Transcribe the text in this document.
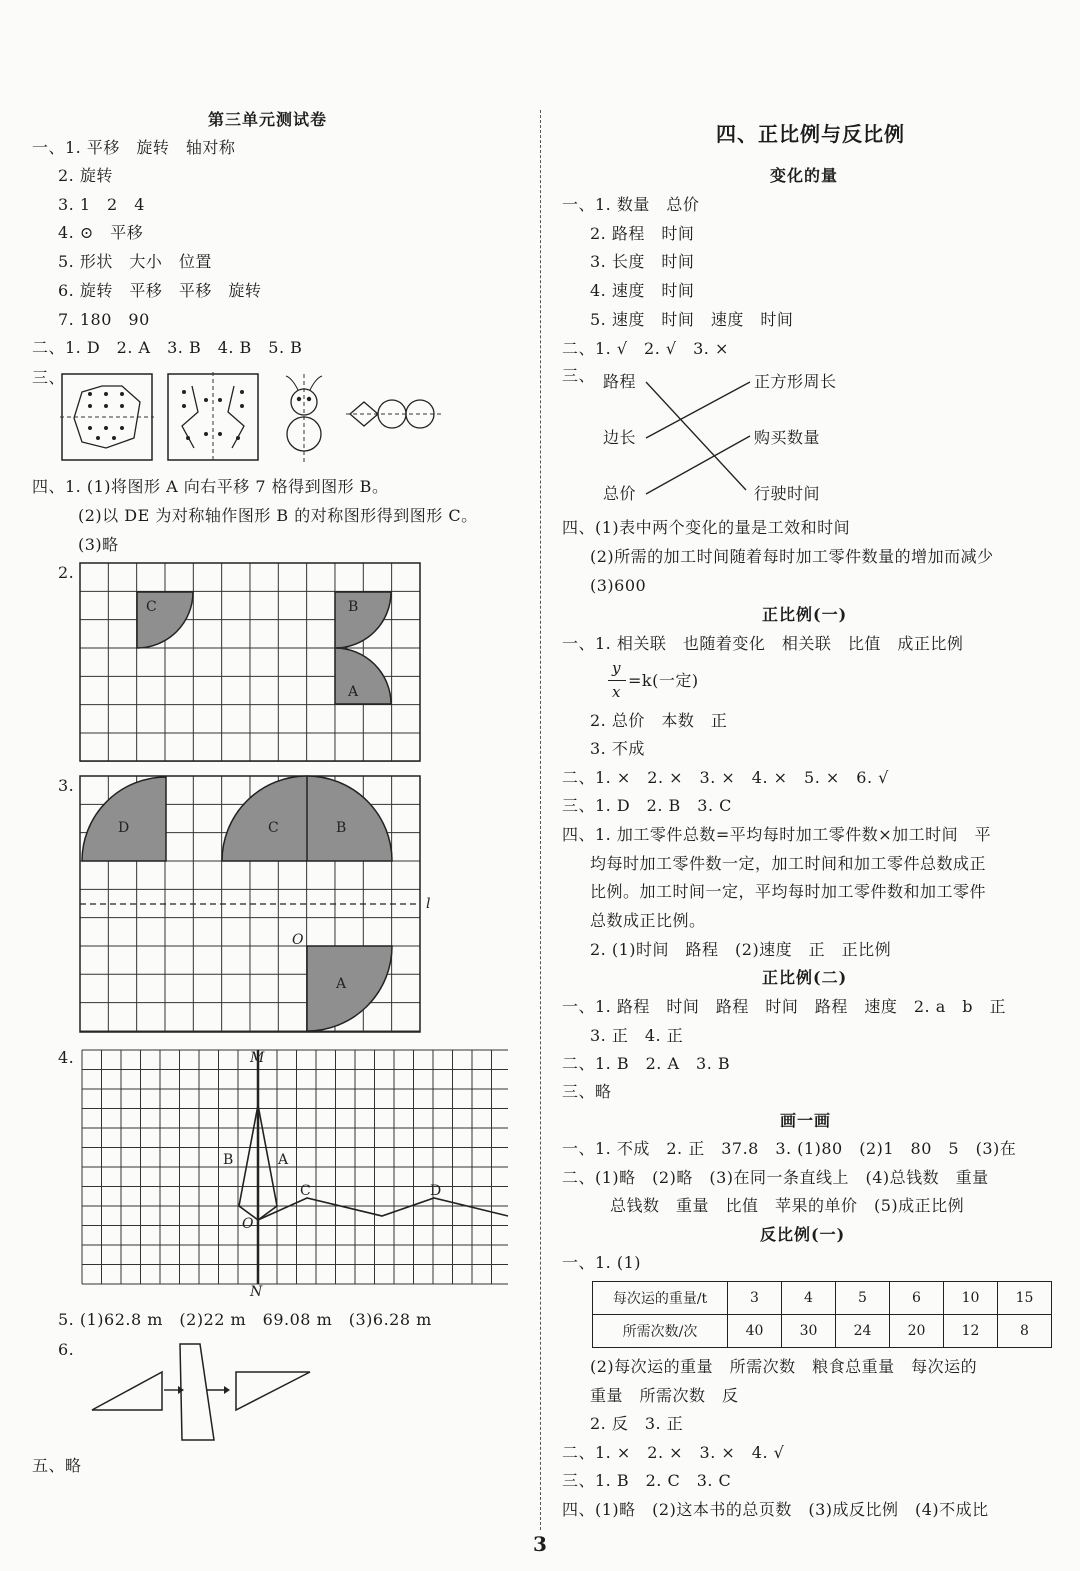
第三单元测试卷
一、1. 平移　旋转　轴对称
2. 旋转
3. 1　2　4
4. ⊙　平移
5. 形状　大小　位置
6. 旋转　平移　平移　旋转
7. 180　90
二、1. D　2. A　3. B　4. B　5. B
三、
四、1. (1)将图形 A 向右平移 7 格得到图形 B。
(2)以 DE 为对称轴作图形 B 的对称图形得到图形 C。
(3)略
2.
C	B
A
3.
D	C	B
A
l
O
4.	M
B	A
C	D
O
N
5. (1)62.8 m　(2)22 m　69.08 m　(3)6.28 m
6.
五、略
四、正比例与反比例
变化的量
一、1. 数量　总价
2. 路程　时间
3. 长度　时间
4. 速度　时间
5. 速度　时间　速度　时间
二、1. √　2. √　3. ×
三、 路程
边长
总价
正方形周长
购买数量
行驶时间
四、(1)表中两个变化的量是工效和时间
(2)所需的加工时间随着每时加工零件数量的增加而减少
(3)600
正比例(一)
一、1. 相关联　也随着变化　相关联　比值　成正比例
y
x
=k(一定)
2. 总价　本数　正
3. 不成
二、1. ×　2. ×　3. ×　4. ×　5. ×　6. √
三、1. D　2. B　3. C
四、1. 加工零件总数=平均每时加工零件数×加工时间　平
均每时加工零件数一定，加工时间和加工零件总数成正
比例。加工时间一定，平均每时加工零件数和加工零件
总数成正比例。
2. (1)时间　路程　(2)速度　正　正比例
正比例(二)
一、1. 路程　时间　路程　时间　路程　速度　2. a　b　正
3. 正　4. 正
二、1. B　2. A　3. B
三、略
画一画
一、1. 不成　2. 正　37.8　3. (1)80　(2)1　80　5　(3)在
二、(1)略　(2)略　(3)在同一条直线上　(4)总钱数　重量
总钱数　重量　比值　苹果的单价　(5)成正比例
反比例(一)
一、1. (1)
每次运的重量/t	3	4	5	6	10	15
所需次数/次	40	30	24	20	12	8
(2)每次运的重量　所需次数　粮食总重量　每次运的
重量　所需次数　反
2. 反　3. 正
二、1. ×　2. ×　3. ×　4. √
三、1. B　2. C　3. C
四、(1)略　(2)这本书的总页数　(3)成反比例　(4)不成比
3
